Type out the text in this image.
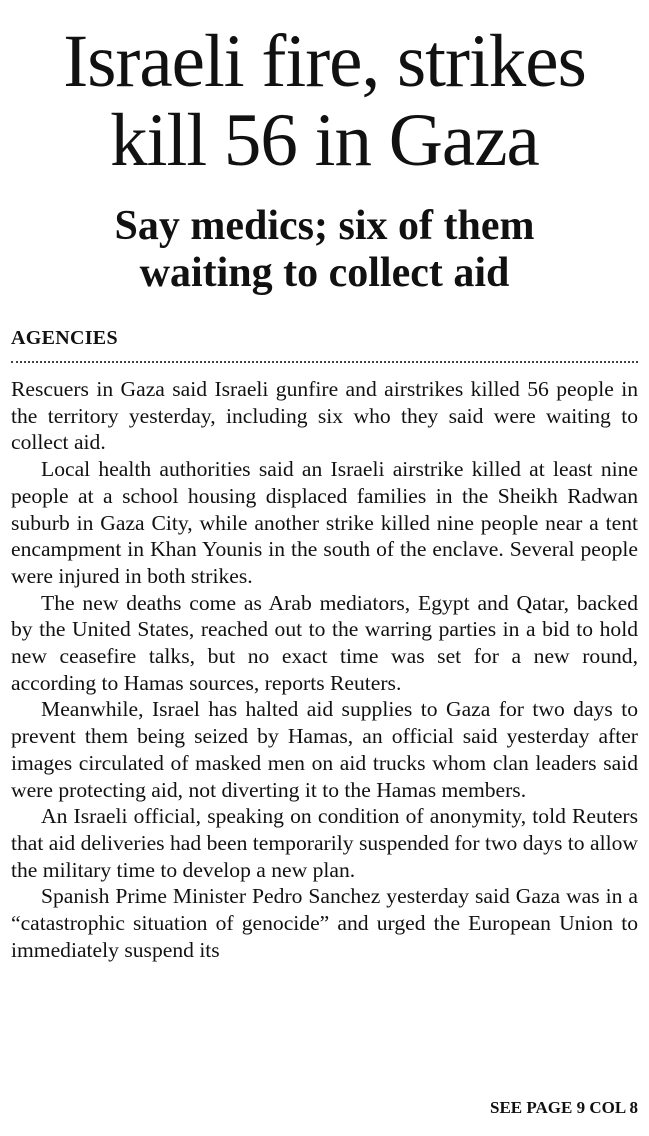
Israeli fire, strikes
kill 56 in Gaza
Say medics; six of them
waiting to collect aid
AGENCIES

Rescuers in Gaza said Israeli gunfire and airstrikes killed 56 people in the territory yesterday, including six who they said were waiting to collect aid.

Local health authorities said an Israeli airstrike killed at least nine people at a school housing displaced families in the Sheikh Radwan suburb in Gaza City, while another strike killed nine people near a tent encampment in Khan Younis in the south of the enclave. Several people were injured in both strikes.

The new deaths come as Arab mediators, Egypt and Qatar, backed by the United States, reached out to the warring parties in a bid to hold new ceasefire talks, but no exact time was set for a new round, according to Hamas sources, reports Reuters.

Meanwhile, Israel has halted aid supplies to Gaza for two days to prevent them being seized by Hamas, an official said yesterday after images circulated of masked men on aid trucks whom clan leaders said were protecting aid, not diverting it to the Hamas members.

An Israeli official, speaking on condition of anonymity, told Reuters that aid deliveries had been temporarily suspended for two days to allow the military time to develop a new plan.

Spanish Prime Minister Pedro Sanchez yesterday said Gaza was in a “catastrophic situation of genocide” and urged the European Union to immediately suspend its

SEE PAGE 9 COL 8
